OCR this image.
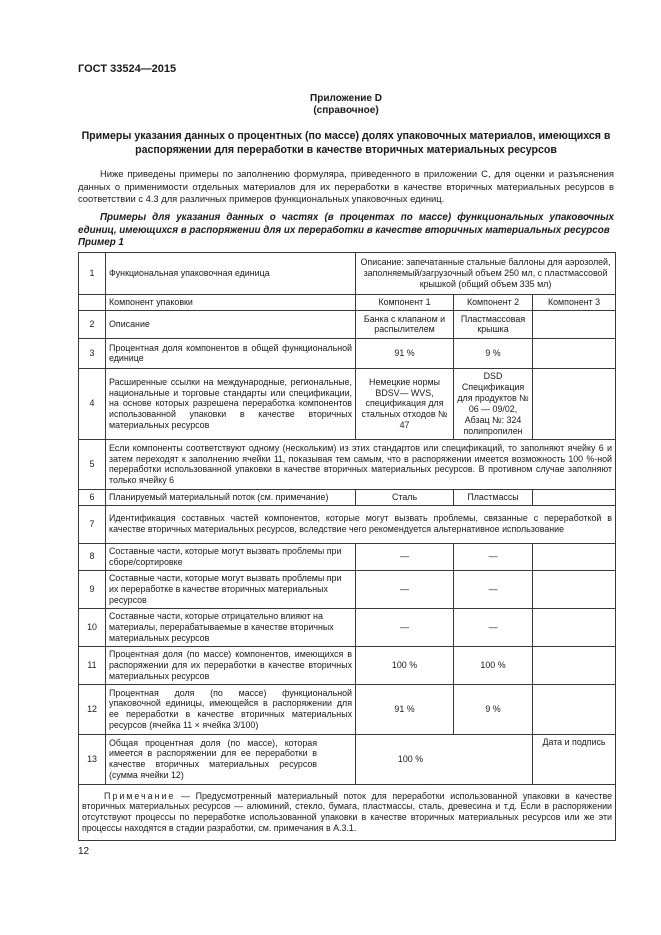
ГОСТ 33524—2015
Приложение D
(справочное)
Примеры указания данных о процентных (по массе) долях упаковочных материалов, имеющихся в распоряжении для переработки в качестве вторичных материальных ресурсов
Ниже приведены примеры по заполнению формуляра, приведенного в приложении С, для оценки и разъяснения данных о применимости отдельных материалов для их переработки в качестве вторичных материальных ресурсов в соответствии с 4.3 для различных примеров функциональных упаковочных единиц.
Примеры для указания данных о частях (в процентах по массе) функциональных упаковочных единиц, имеющихся в распоряжении для их переработки в качестве вторичных материальных ресурсов
Пример 1
1	Функциональная упаковочная единица	Описание: запечатанные стальные баллоны для аэрозолей, заполняемый/загрузочный объем 250 мл, с пластмассовой крышкой (общий объем 335 мл)		
	Компонент упаковки	Компонент 1	Компонент 2	Компонент 3
2	Описание	Банка с клапаном и распылителем	Пластмассовая крышка	
3	Процентная доля компонентов в общей функциональной единице	91 %	9 %	
4	Расширенные ссылки на международные, региональные, национальные и торговые стандарты или спецификации, на основе которых разрешена переработка компонентов использованной упаковки в качестве вторичных материальных ресурсов	Немецкие нормы BDSV— WVS, спецификация для стальных отходов № 47	DSD Спецификация для продуктов № 06 — 09/02, Абзац №: 324 полипропилен	
5	Если компоненты соответствуют одному (нескольким) из этих стандартов или спецификаций, то заполняют ячейку 6 и затем переходят к заполнению ячейки 11, показывая тем самым, что в распоряжении имеется возможность 100 %-ной переработки использованной упаковки в качестве вторичных материальных ресурсов. В противном случае заполняют только ячейку 6			
6	Планируемый материальный поток (см. примечание)	Сталь	Пластмассы	
7	Идентификация составных частей компонентов, которые могут вызвать проблемы, связанные с переработкой в качестве вторичных материальных ресурсов, вследствие чего рекомендуется альтернативное использование			
8	Составные части, которые могут вызвать проблемы при сборе/сортировке	—	—	
9	Составные части, которые могут вызвать проблемы при их переработке в качестве вторичных материальных ресурсов	—	—	
10	Составные части, которые отрицательно влияют на материалы, перерабатываемые в качестве вторичных материальных ресурсов	—	—	
11	Процентная доля (по массе) компонентов, имеющихся в распоряжении для их переработки в качестве вторичных материальных ресурсов	100 %	100 %	
12	Процентная доля (по массе) функциональной упаковочной единицы, имеющейся в распоряжении для ее переработки в качестве вторичных материальных ресурсов (ячейка 11 × ячейка 3/100)	91 %	9 %	
13	Общая процентная доля (по массе), которая имеется в распоряжении для ее переработки в качестве вторичных материальных ресурсов (сумма ячейки 12)	100 %		Дата и подпись
Примечание — Предусмотренный материальный поток для переработки использованной упаковки в качестве вторичных материальных ресурсов — алюминий, стекло, бумага, пластмассы, сталь, древесина и т.д. Если в распоряжении отсутствуют процессы по переработке использованной упаковки в качестве вторичных материальных ресурсов или же эти процессы находятся в стадии разработки, см. примечания в А.3.1.				
12
